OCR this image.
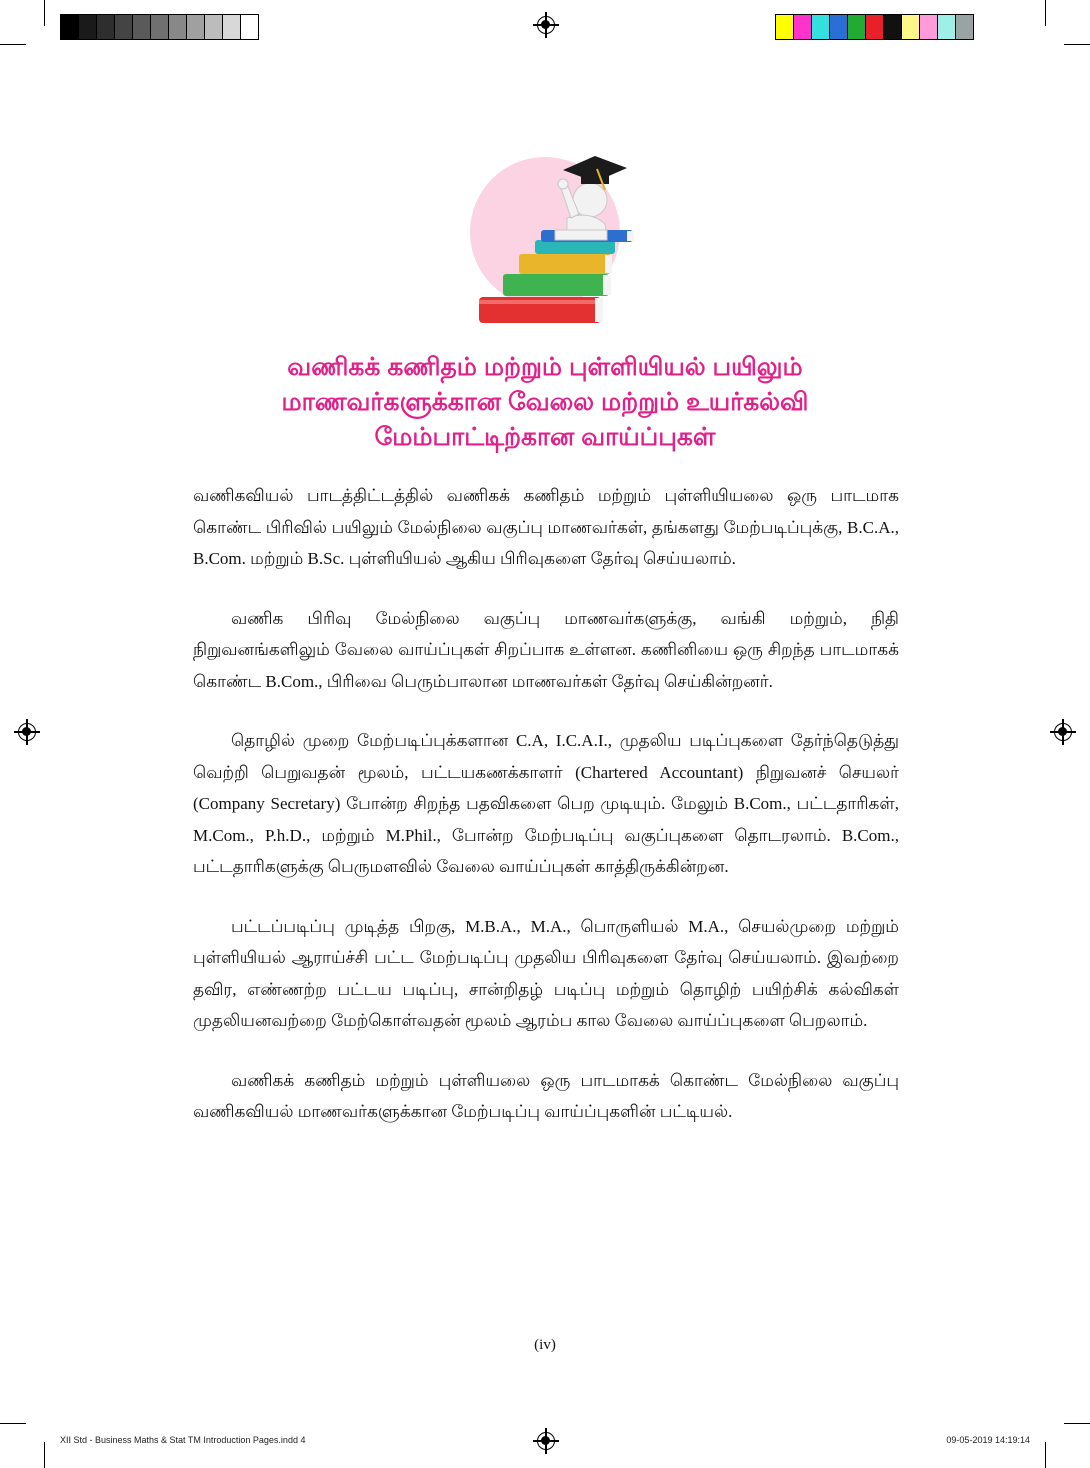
வணிகக் கணிதம் மற்றும் புள்ளியியல் பயிலும்
மாணவர்களுக்கான வேலை மற்றும் உயர்கல்வி
மேம்பாட்டிற்கான வாய்ப்புகள்

வணிகவியல் பாடத்திட்டத்தில் வணிகக் கணிதம் மற்றும் புள்ளியியலை ஒரு பாடமாக கொண்ட பிரிவில் பயிலும் மேல்நிலை வகுப்பு மாணவர்கள், தங்களது மேற்படிப்புக்கு, B.C.A., B.Com. மற்றும் B.Sc. புள்ளியியல் ஆகிய பிரிவுகளை தேர்வு செய்யலாம்.

வணிக பிரிவு மேல்நிலை வகுப்பு மாணவர்களுக்கு, வங்கி மற்றும், நிதி நிறுவனங்களிலும் வேலை வாய்ப்புகள் சிறப்பாக உள்ளன. கணினியை ஒரு சிறந்த பாடமாகக் கொண்ட B.Com., பிரிவை பெரும்பாலான மாணவர்கள் தேர்வு செய்கின்றனர்.

தொழில் முறை மேற்படிப்புக்களான C.A, I.C.A.I., முதலிய படிப்புகளை தேர்ந்தெடுத்து வெற்றி பெறுவதன் மூலம், பட்டயகணக்காளர் (Chartered Accountant) நிறுவனச் செயலர் (Company Secretary) போன்ற சிறந்த பதவிகளை பெற முடியும். மேலும் B.Com., பட்டதாரிகள், M.Com., P.h.D., மற்றும் M.Phil., போன்ற மேற்படிப்பு வகுப்புகளை தொடரலாம். B.Com., பட்டதாரிகளுக்கு பெருமளவில் வேலை வாய்ப்புகள் காத்திருக்கின்றன.

பட்டப்படிப்பு முடித்த பிறகு, M.B.A., M.A., பொருளியல் M.A., செயல்முறை மற்றும் புள்ளியியல் ஆராய்ச்சி பட்ட மேற்படிப்பு முதலிய பிரிவுகளை தேர்வு செய்யலாம். இவற்றை தவிர, எண்ணற்ற பட்டய படிப்பு, சான்றிதழ் படிப்பு மற்றும் தொழிற் பயிற்சிக் கல்விகள் முதலியனவற்றை மேற்கொள்வதன் மூலம் ஆரம்ப கால வேலை வாய்ப்புகளை பெறலாம்.

வணிகக் கணிதம் மற்றும் புள்ளியலை ஒரு பாடமாகக் கொண்ட மேல்நிலை வகுப்பு வணிகவியல் மாணவர்களுக்கான மேற்படிப்பு வாய்ப்புகளின் பட்டியல்.

(iv)
XII Std - Business Maths & Stat TM Introduction Pages.indd 4	09-05-2019 14:19:14
